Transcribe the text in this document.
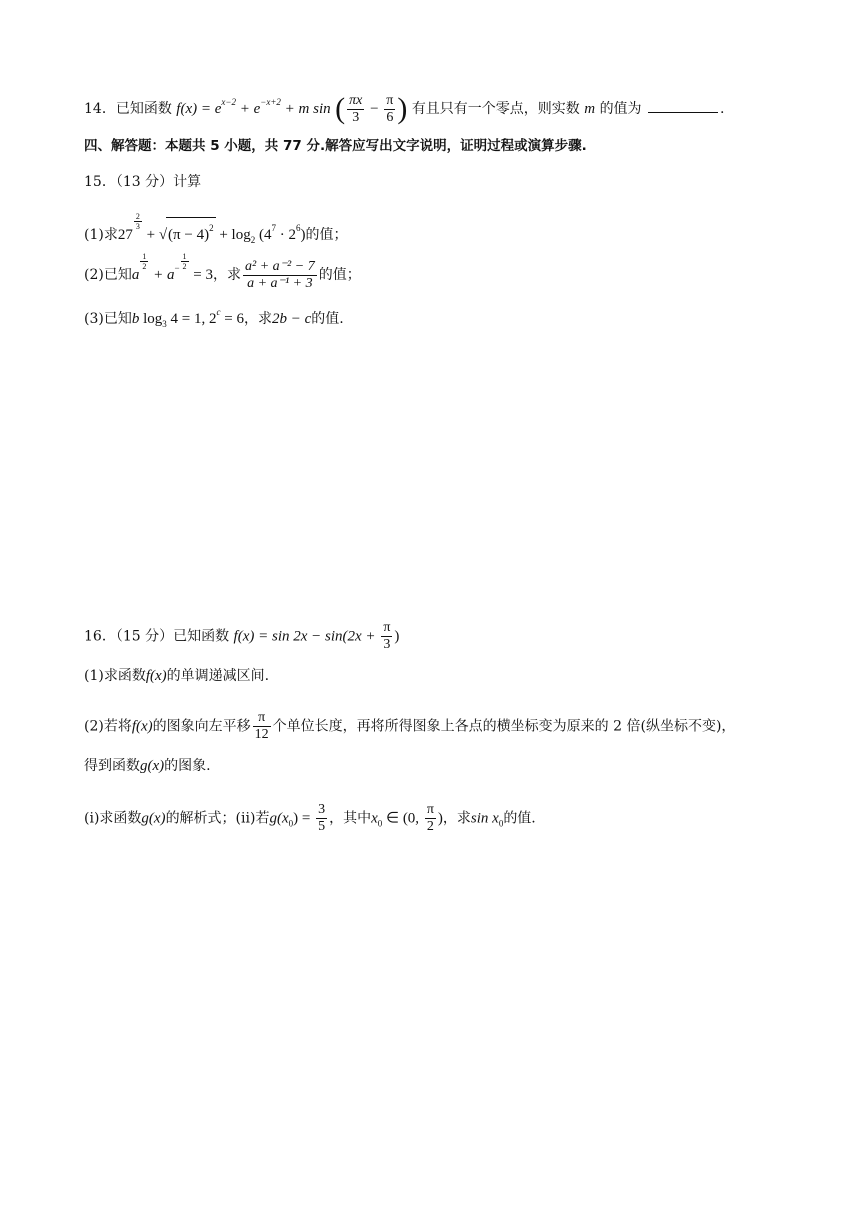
14．已知函数 $f(x) = e^{x-2} + e^{-x+2} + m$ sin ( $\frac{\pi x}{3} - \frac{\pi}{6}$ ) 有且只有一个零点，则实数 m 的值为	.
四、解答题：本题共 5 小题，共 77 分.解答应写出文字说明，证明过程或演算步骤.
15．（13 分）计算
(1)求27
$\frac{2}{3}$
+ $√(\pi - 4)^2 + \log_2 (4^7 \cdot 2^6)$的值；
(2)已知a
$\frac{1}{2}$
+ $a^- \frac{1}{2}$
= 3，求 $\frac{\text{a² + a⁻² − 7}}{\text{a + a⁻¹ + 3}}$ 的值；
(3)已知b $\log_3 4 = 1$, $2^c = 6$，求2b − c的值.
16．（15 分）已知函数 $f(x) = \sin 2x - \sin(2x + \frac{\pi}{3}$ )
(1)求函数f(x)的单调递减区间.
(2)若将f(x)的图象向左平移 $\frac{\pi}{12}$ 个单位长度，再将所得图象上各点的横坐标变为原来的 2 倍(纵坐标不变)，
得到函数g(x)的图象.
(i)求函数g(x)的解析式；(ii)若$g(x_0) = \frac{3}{5}$ ，其中$x_0$ ∈ (0, $\frac{\pi}{2}$ )，求$\sin x_0$的值.
